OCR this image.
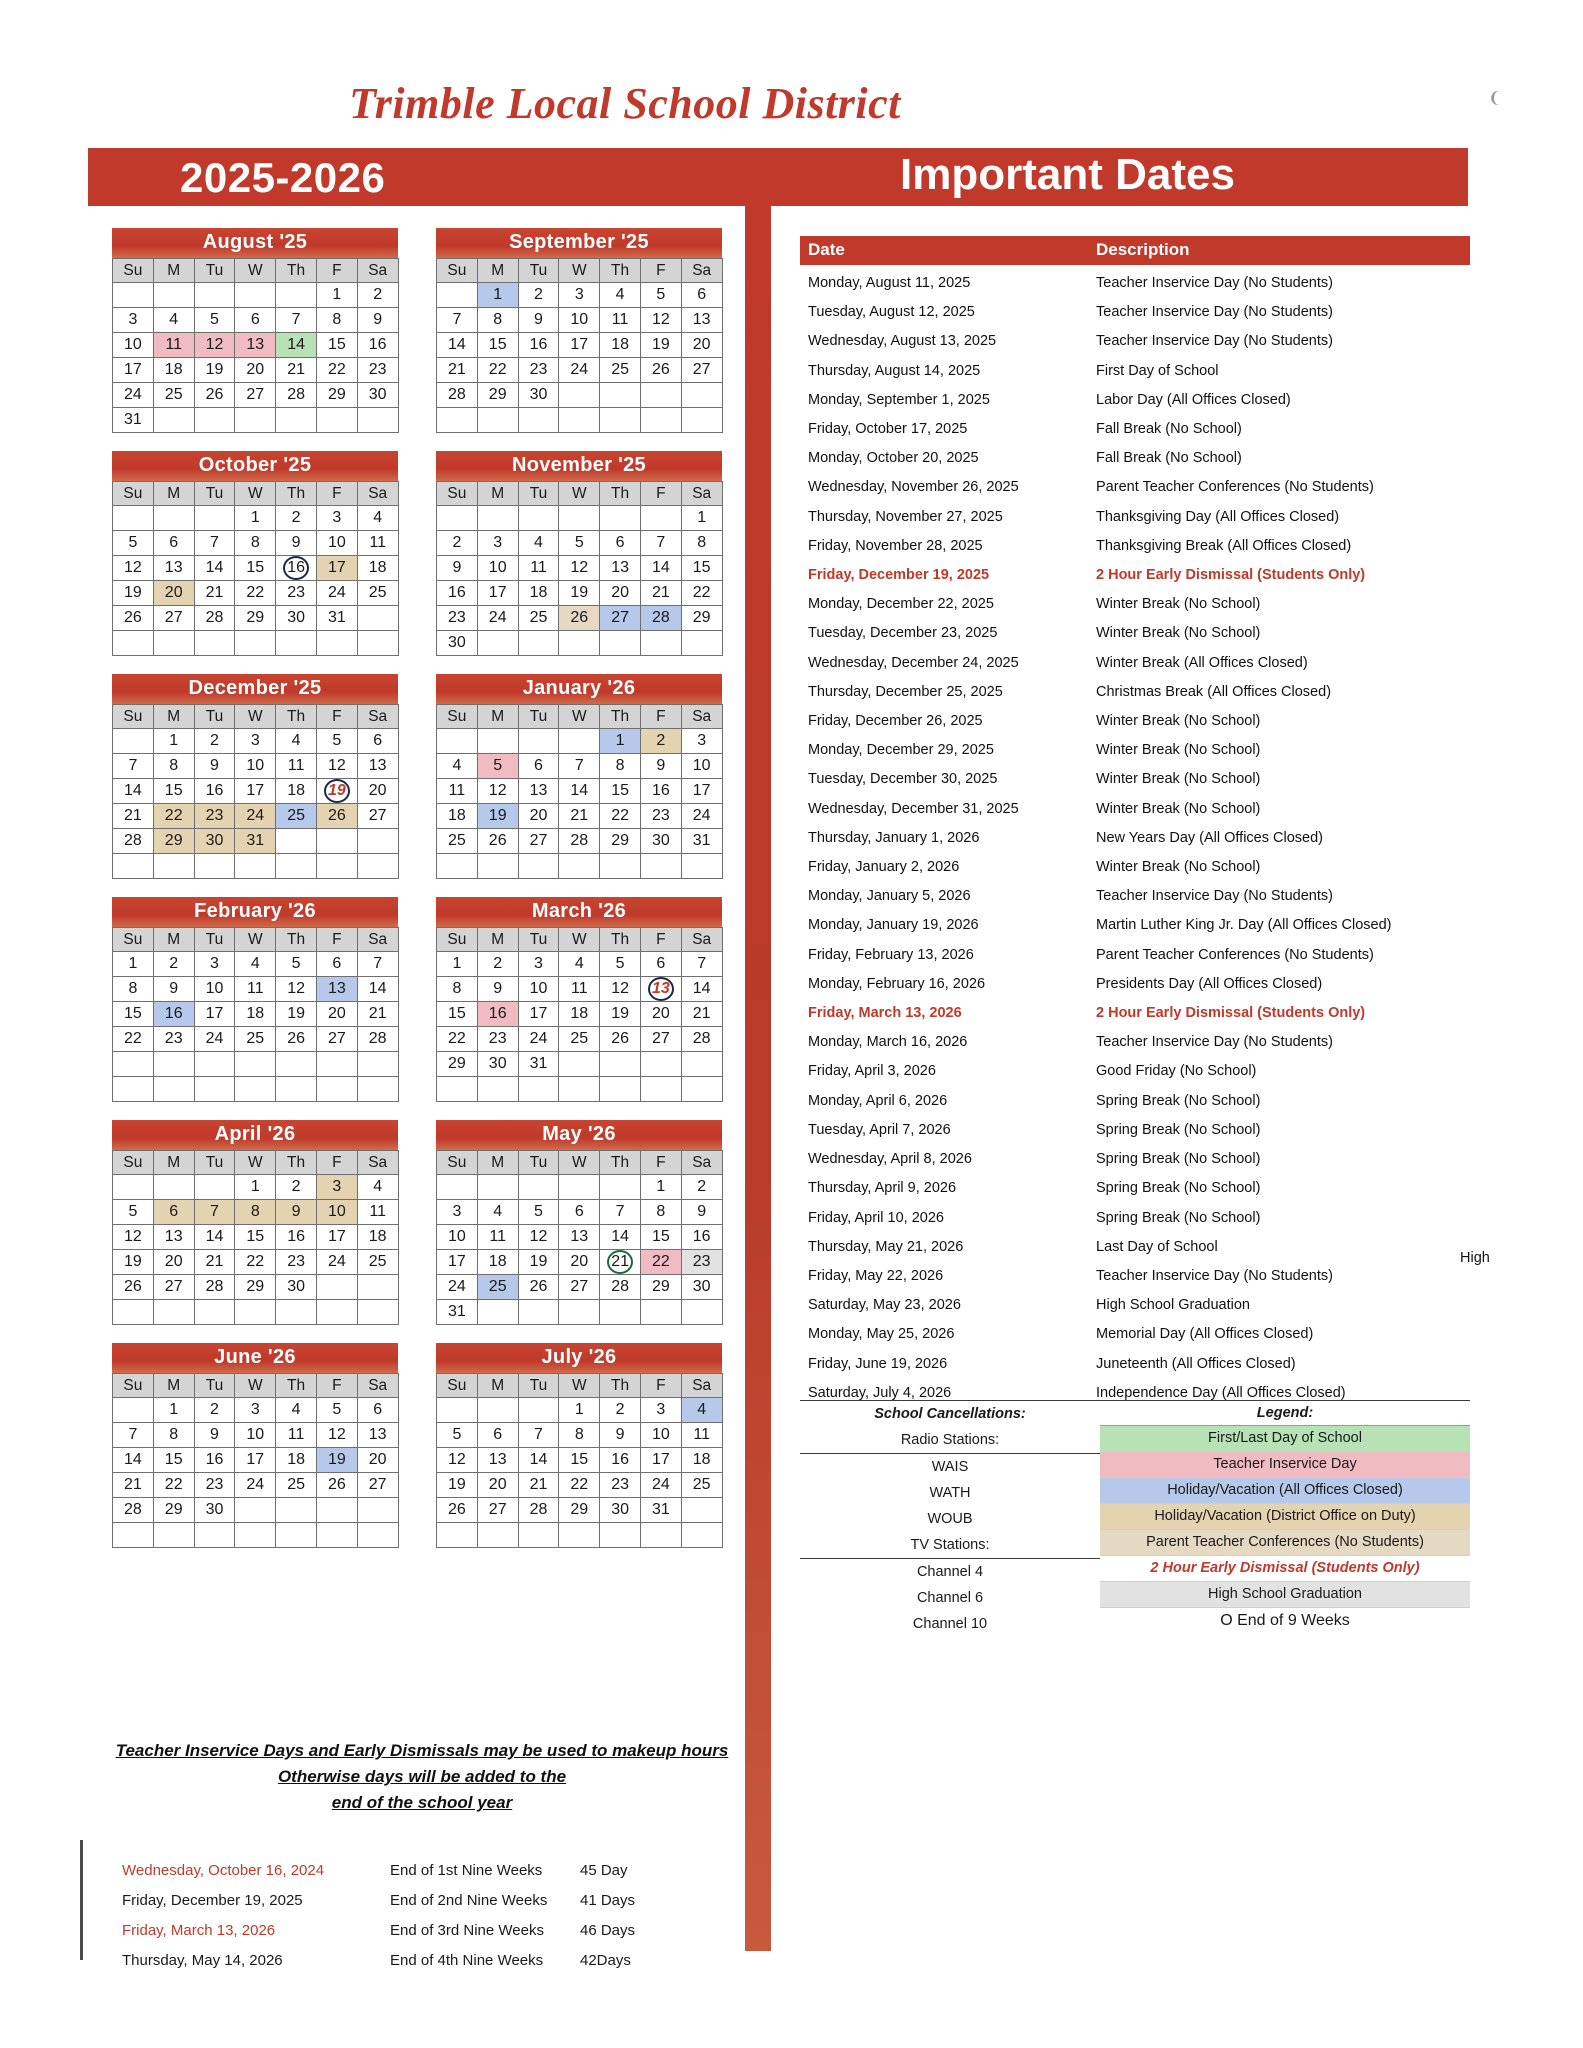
❨
Trimble Local School District
2025-2026	Important Dates
August '25
Su	M	Tu	W	Th	F	Sa
					1	2
3	4	5	6	7	8	9
10	11	12	13	14	15	16
17	18	19	20	21	22	23
24	25	26	27	28	29	30
31						
September '25
Su	M	Tu	W	Th	F	Sa
	1	2	3	4	5	6
7	8	9	10	11	12	13
14	15	16	17	18	19	20
21	22	23	24	25	26	27
28	29	30				

October '25
Su	M	Tu	W	Th	F	Sa
			1	2	3	4
5	6	7	8	9	10	11
12	13	14	15	16	17	18
19	20	21	22	23	24	25
26	27	28	29	30	31	

November '25
Su	M	Tu	W	Th	F	Sa
						1
2	3	4	5	6	7	8
9	10	11	12	13	14	15
16	17	18	19	20	21	22
23	24	25	26	27	28	29
30						
December '25
Su	M	Tu	W	Th	F	Sa
	1	2	3	4	5	6
7	8	9	10	11	12	13
14	15	16	17	18	19	20
21	22	23	24	25	26	27
28	29	30	31			

January '26
Su	M	Tu	W	Th	F	Sa
				1	2	3
4	5	6	7	8	9	10
11	12	13	14	15	16	17
18	19	20	21	22	23	24
25	26	27	28	29	30	31

February '26
Su	M	Tu	W	Th	F	Sa
1	2	3	4	5	6	7
8	9	10	11	12	13	14
15	16	17	18	19	20	21
22	23	24	25	26	27	28

March '26
Su	M	Tu	W	Th	F	Sa
1	2	3	4	5	6	7
8	9	10	11	12	13	14
15	16	17	18	19	20	21
22	23	24	25	26	27	28
29	30	31				

April '26
Su	M	Tu	W	Th	F	Sa
			1	2	3	4
5	6	7	8	9	10	11
12	13	14	15	16	17	18
19	20	21	22	23	24	25
26	27	28	29	30		

May '26
Su	M	Tu	W	Th	F	Sa
					1	2
3	4	5	6	7	8	9
10	11	12	13	14	15	16
17	18	19	20	21	22	23
24	25	26	27	28	29	30
31						
June '26
Su	M	Tu	W	Th	F	Sa
	1	2	3	4	5	6
7	8	9	10	11	12	13
14	15	16	17	18	19	20
21	22	23	24	25	26	27
28	29	30				

July '26
Su	M	Tu	W	Th	F	Sa
			1	2	3	4
5	6	7	8	9	10	11
12	13	14	15	16	17	18
19	20	21	22	23	24	25
26	27	28	29	30	31	

Teacher Inservice Days and Early Dismissals may be used to makeup hours
Otherwise days will be added to the
end of the school year
Wednesday, October 16, 2024	End of 1st Nine Weeks	45 Day
Friday, December 19, 2025	End of 2nd Nine Weeks	41 Days
Friday, March 13, 2026	End of 3rd Nine Weeks	46 Days
Thursday, May 14, 2026	End of 4th Nine Weeks	42Days
Date	Description
Monday, August 11, 2025	Teacher Inservice Day (No Students)
Tuesday, August 12, 2025	Teacher Inservice Day (No Students)
Wednesday, August 13, 2025	Teacher Inservice Day (No Students)
Thursday, August 14, 2025	First Day of School
Monday, September 1, 2025	Labor Day (All Offices Closed)
Friday, October 17, 2025	Fall Break (No School)
Monday, October 20, 2025	Fall Break (No School)
Wednesday, November 26, 2025	Parent Teacher Conferences (No Students)
Thursday, November 27, 2025	Thanksgiving Day (All Offices Closed)
Friday, November 28, 2025	Thanksgiving Break (All Offices Closed)
Friday, December 19, 2025	2 Hour Early Dismissal (Students Only)
Monday, December 22, 2025	Winter Break (No School)
Tuesday, December 23, 2025	Winter Break (No School)
Wednesday, December 24, 2025	Winter Break (All Offices Closed)
Thursday, December 25, 2025	Christmas Break (All Offices Closed)
Friday, December 26, 2025	Winter Break (No School)
Monday, December 29, 2025	Winter Break (No School)
Tuesday, December 30, 2025	Winter Break (No School)
Wednesday, December 31, 2025	Winter Break (No School)
Thursday, January 1, 2026	New Years Day (All Offices Closed)
Friday, January 2, 2026	Winter Break (No School)
Monday, January 5, 2026	Teacher Inservice Day (No Students)
Monday, January 19, 2026	Martin Luther King Jr. Day (All Offices Closed)
Friday, February 13, 2026	Parent Teacher Conferences (No Students)
Monday, February 16, 2026	Presidents Day (All Offices Closed)
Friday, March 13, 2026	2 Hour Early Dismissal (Students Only)
Monday, March 16, 2026	Teacher Inservice Day (No Students)
Friday, April 3, 2026	Good Friday (No School)
Monday, April 6, 2026	Spring Break (No School)
Tuesday, April 7, 2026	Spring Break (No School)
Wednesday, April 8, 2026	Spring Break (No School)
Thursday, April 9, 2026	Spring Break (No School)
Friday, April 10, 2026	Spring Break (No School)
Thursday, May 21, 2026	Last Day of School
Friday, May 22, 2026	Teacher Inservice Day (No Students)
Saturday, May 23, 2026	High School Graduation
Monday, May 25, 2026	Memorial Day (All Offices Closed)
Friday, June 19, 2026	Juneteenth (All Offices Closed)
Saturday, July 4, 2026	Independence Day (All Offices Closed)
High
School Cancellations:
Radio Stations:
WAIS
WATH
WOUB
TV Stations:
Channel 4
Channel 6
Channel 10
Legend:
First/Last Day of School
Teacher Inservice Day
Holiday/Vacation (All Offices Closed)
Holiday/Vacation (District Office on Duty)
Parent Teacher Conferences (No Students)
2 Hour Early Dismissal (Students Only)
High School Graduation
O End of 9 Weeks
